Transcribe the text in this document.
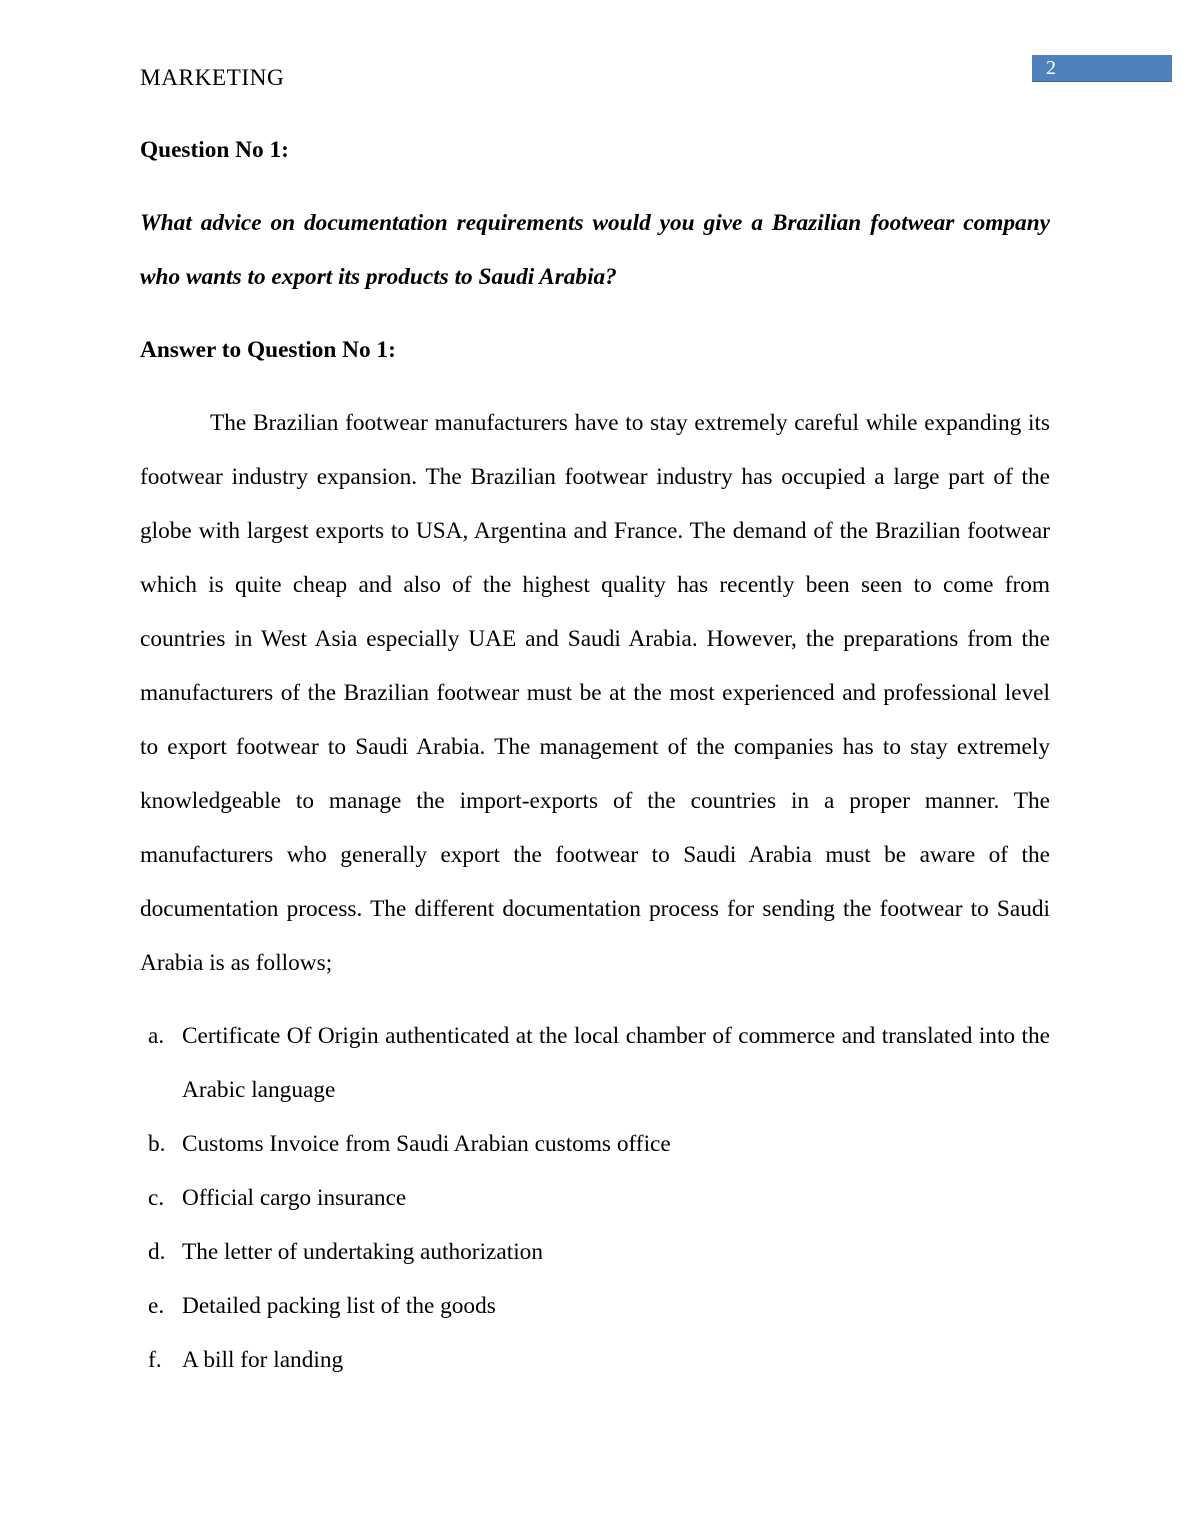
2
MARKETING
Question No 1:
What advice on documentation requirements would you give a Brazilian footwear company who wants to export its products to Saudi Arabia?
Answer to Question No 1:
The Brazilian footwear manufacturers have to stay extremely careful while expanding its footwear industry expansion. The Brazilian footwear industry has occupied a large part of the globe with largest exports to USA, Argentina and France. The demand of the Brazilian footwear which is quite cheap and also of the highest quality has recently been seen to come from countries in West Asia especially UAE and Saudi Arabia. However, the preparations from the manufacturers of the Brazilian footwear must be at the most experienced and professional level to export footwear to Saudi Arabia. The management of the companies has to stay extremely knowledgeable to manage the import-exports of the countries in a proper manner. The manufacturers who generally export the footwear to Saudi Arabia must be aware of the documentation process. The different documentation process for sending the footwear to Saudi Arabia is as follows;
a. Certificate Of Origin authenticated at the local chamber of commerce and translated into the Arabic language
b. Customs Invoice from Saudi Arabian customs office
c. Official cargo insurance
d. The letter of undertaking authorization
e. Detailed packing list of the goods
f. A bill for landing
